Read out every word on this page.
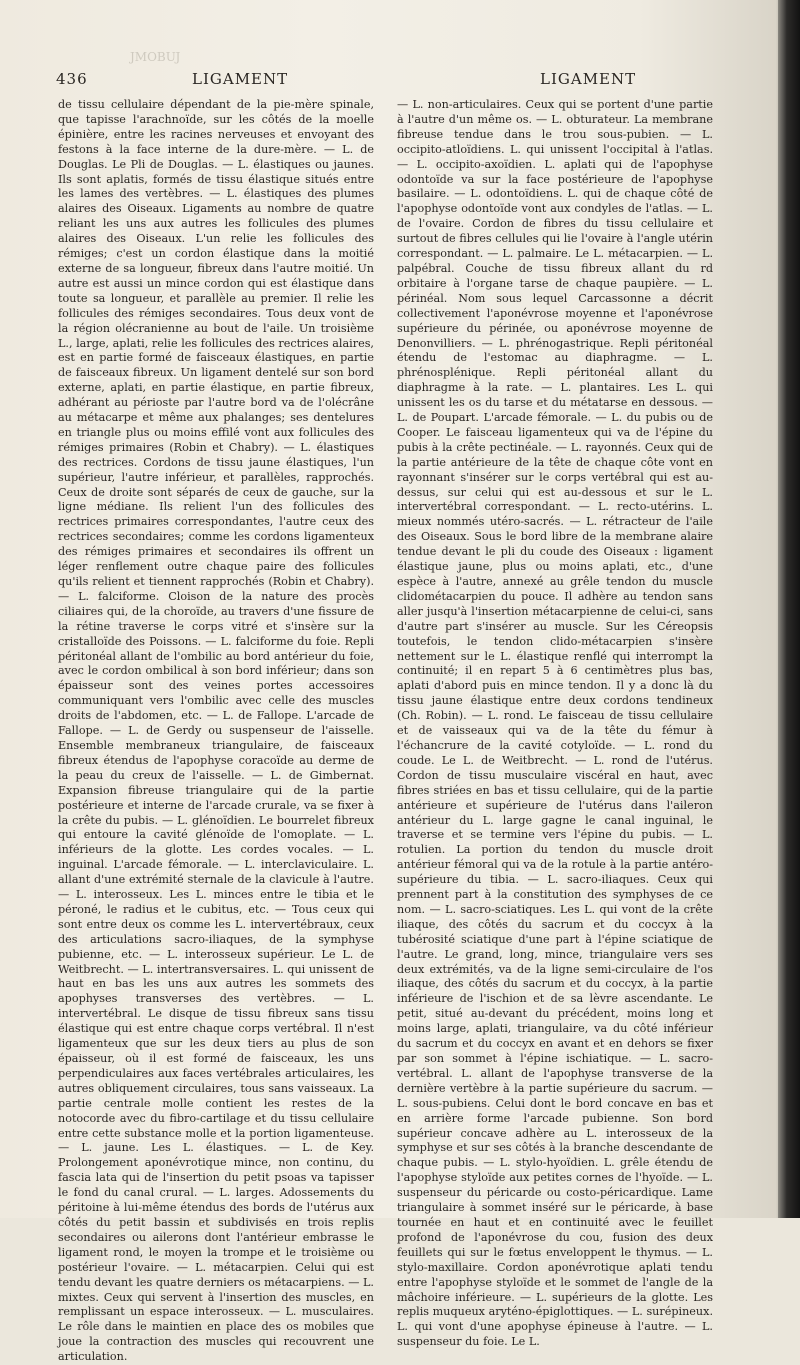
JMOBUJ
436	LIGAMENT	LIGAMENT

de tissu cellulaire dépendant de la pie-mère spinale, que tapisse l'arachnoïde, sur les côtés de la moelle épinière, entre les racines nerveuses et envoyant des festons à la face interne de la dure-mère. — L. de Douglas. Le Pli de Douglas. — L. élastiques ou jaunes. Ils sont aplatis, formés de tissu élastique situés entre les lames des vertèbres. — L. élastiques des plumes alaires des Oiseaux. Ligaments au nombre de quatre reliant les uns aux autres les follicules des plumes alaires des Oiseaux. L'un relie les follicules des rémiges; c'est un cordon élastique dans la moitié externe de sa longueur, fibreux dans l'autre moitié. Un autre est aussi un mince cordon qui est élastique dans toute sa longueur, et parallèle au premier. Il relie les follicules des rémiges secondaires. Tous deux vont de la région olécranienne au bout de l'aile. Un troisième L., large, aplati, relie les follicules des rectrices alaires, est en partie formé de faisceaux élastiques, en partie de faisceaux fibreux. Un ligament dentelé sur son bord externe, aplati, en partie élastique, en partie fibreux, adhérant au périoste par l'autre bord va de l'olécrâne au métacarpe et même aux phalanges; ses dentelures en triangle plus ou moins effilé vont aux follicules des rémiges primaires (Robin et Chabry). — L. élastiques des rectrices. Cordons de tissu jaune élastiques, l'un supérieur, l'autre inférieur, et parallèles, rapprochés. Ceux de droite sont séparés de ceux de gauche, sur la ligne médiane. Ils relient l'un des follicules des rectrices primaires correspondantes, l'autre ceux des rectrices secondaires; comme les cordons ligamenteux des rémiges primaires et secondaires ils offrent un léger renflement outre chaque paire des follicules qu'ils relient et tiennent rapprochés (Robin et Chabry). — L. falciforme. Cloison de la nature des procès ciliaires qui, de la choroïde, au travers d'une fissure de la rétine traverse le corps vitré et s'insère sur la cristalloïde des Poissons. — L. falciforme du foie. Repli péritonéal allant de l'ombilic au bord antérieur du foie, avec le cordon ombilical à son bord inférieur; dans son épaisseur sont des veines portes accessoires communiquant vers l'ombilic avec celle des muscles droits de l'abdomen, etc. — L. de Fallope. L'arcade de Fallope. — L. de Gerdy ou suspenseur de l'aisselle. Ensemble membraneux triangulaire, de faisceaux fibreux étendus de l'apophyse coracoïde au derme de la peau du creux de l'aisselle. — L. de Gimbernat. Expansion fibreuse triangulaire qui de la partie postérieure et interne de l'arcade crurale, va se fixer à la crête du pubis. — L. glénoïdien. Le bourrelet fibreux qui entoure la cavité glénoïde de l'omoplate. — L. inférieurs de la glotte. Les cordes vocales. — L. inguinal. L'arcade fémorale. — L. interclaviculaire. L. allant d'une extrémité sternale de la clavicule à l'autre. — L. interosseux. Les L. minces entre le tibia et le péroné, le radius et le cubitus, etc. — Tous ceux qui sont entre deux os comme les L. intervertébraux, ceux des articulations sacro-iliaques, de la symphyse pubienne, etc. — L. interosseux supérieur. Le L. de Weitbrecht. — L. intertransversaires. L. qui unissent de haut en bas les uns aux autres les sommets des apophyses transverses des vertèbres. — L. intervertébral. Le disque de tissu fibreux sans tissu élastique qui est entre chaque corps vertébral. Il n'est ligamenteux que sur les deux tiers au plus de son épaisseur, où il est formé de faisceaux, les uns perpendiculaires aux faces vertébrales articulaires, les autres obliquement circulaires, tous sans vaisseaux. La partie centrale molle contient les restes de la notocorde avec du fibro-cartilage et du tissu cellulaire entre cette substance molle et la portion ligamenteuse. — L. jaune. Les L. élastiques. — L. de Key. Prolongement aponévrotique mince, non continu, du fascia lata qui de l'insertion du petit psoas va tapisser le fond du canal crural. — L. larges. Adossements du péritoine à lui-même étendus des bords de l'utérus aux côtés du petit bassin et subdivisés en trois replis secondaires ou ailerons dont l'antérieur embrasse le ligament rond, le moyen la trompe et le troisième ou postérieur l'ovaire. — L. métacarpien. Celui qui est tendu devant les quatre derniers os métacarpiens. — L. mixtes. Ceux qui servent à l'insertion des muscles, en remplissant un espace interosseux. — L. musculaires. Le rôle dans le maintien en place des os mobiles que joue la contraction des muscles qui recouvrent une articulation.

— L. non-articulaires. Ceux qui se portent d'une partie à l'autre d'un même os. — L. obturateur. La membrane fibreuse tendue dans le trou sous-pubien. — L. occipito-atloïdiens. L. qui unissent l'occipital à l'atlas. — L. occipito-axoïdien. L. aplati qui de l'apophyse odontoïde va sur la face postérieure de l'apophyse basilaire. — L. odontoïdiens. L. qui de chaque côté de l'apophyse odontoïde vont aux condyles de l'atlas. — L. de l'ovaire. Cordon de fibres du tissu cellulaire et surtout de fibres cellules qui lie l'ovaire à l'angle utérin correspondant. — L. palmaire. Le L. métacarpien. — L. palpébral. Couche de tissu fibreux allant du rd orbitaire à l'organe tarse de chaque paupière. — L. périnéal. Nom sous lequel Carcassonne a décrit collectivement l'aponévrose moyenne et l'aponévrose supérieure du périnée, ou aponévrose moyenne de Denonvilliers. — L. phrénogastrique. Repli péritonéal étendu de l'estomac au diaphragme. — L. phrénosplénique. Repli péritonéal allant du diaphragme à la rate. — L. plantaires. Les L. qui unissent les os du tarse et du métatarse en dessous. — L. de Poupart. L'arcade fémorale. — L. du pubis ou de Cooper. Le faisceau ligamenteux qui va de l'épine du pubis à la crête pectinéale. — L. rayonnés. Ceux qui de la partie antérieure de la tête de chaque côte vont en rayonnant s'insérer sur le corps vertébral qui est au-dessus, sur celui qui est au-dessous et sur le L. intervertébral correspondant. — L. recto-utérins. L. mieux nommés utéro-sacrés. — L. rétracteur de l'aile des Oiseaux. Sous le bord libre de la membrane alaire tendue devant le pli du coude des Oiseaux : ligament élastique jaune, plus ou moins aplati, etc., d'une espèce à l'autre, annexé au grêle tendon du muscle clidométacarpien du pouce. Il adhère au tendon sans aller jusqu'à l'insertion métacarpienne de celui-ci, sans d'autre part s'insérer au muscle. Sur les Céreopsis toutefois, le tendon clido-métacarpien s'insère nettement sur le L. élastique renflé qui interrompt la continuité; il en repart 5 à 6 centimètres plus bas, aplati d'abord puis en mince tendon. Il y a donc là du tissu jaune élastique entre deux cordons tendineux (Ch. Robin). — L. rond. Le faisceau de tissu cellulaire et de vaisseaux qui va de la tête du fémur à l'échancrure de la cavité cotyloïde. — L. rond du coude. Le L. de Weitbrecht. — L. rond de l'utérus. Cordon de tissu musculaire viscéral en haut, avec fibres striées en bas et tissu cellulaire, qui de la partie antérieure et supérieure de l'utérus dans l'aileron antérieur du L. large gagne le canal inguinal, le traverse et se termine vers l'épine du pubis. — L. rotulien. La portion du tendon du muscle droit antérieur fémoral qui va de la rotule à la partie antéro-supérieure du tibia. — L. sacro-iliaques. Ceux qui prennent part à la constitution des symphyses de ce nom. — L. sacro-sciatiques. Les L. qui vont de la crête iliaque, des côtés du sacrum et du coccyx à la tubérosité sciatique d'une part à l'épine sciatique de l'autre. Le grand, long, mince, triangulaire vers ses deux extrémités, va de la ligne semi-circulaire de l'os iliaque, des côtés du sacrum et du coccyx, à la partie inférieure de l'ischion et de sa lèvre ascendante. Le petit, situé au-devant du précédent, moins long et moins large, aplati, triangulaire, va du côté inférieur du sacrum et du coccyx en avant et en dehors se fixer par son sommet à l'épine ischiatique. — L. sacro-vertébral. L. allant de l'apophyse transverse de la dernière vertèbre à la partie supérieure du sacrum. — L. sous-pubiens. Celui dont le bord concave en bas et en arrière forme l'arcade pubienne. Son bord supérieur concave adhère au L. interosseux de la symphyse et sur ses côtés à la branche descendante de chaque pubis. — L. stylo-hyoïdien. L. grêle étendu de l'apophyse styloïde aux petites cornes de l'hyoïde. — L. suspenseur du péricarde ou costo-péricardique. Lame triangulaire à sommet inséré sur le péricarde, à base tournée en haut et en continuité avec le feuillet profond de l'aponévrose du cou, fusion des deux feuillets qui sur le fœtus enveloppent le thymus. — L. stylo-maxillaire. Cordon aponévrotique aplati tendu entre l'apophyse styloïde et le sommet de l'angle de la mâchoire inférieure. — L. supérieurs de la glotte. Les replis muqueux aryténo-épiglottiques. — L. surépineux. L. qui vont d'une apophyse épineuse à l'autre. — L. suspenseur du foie. Le L.
